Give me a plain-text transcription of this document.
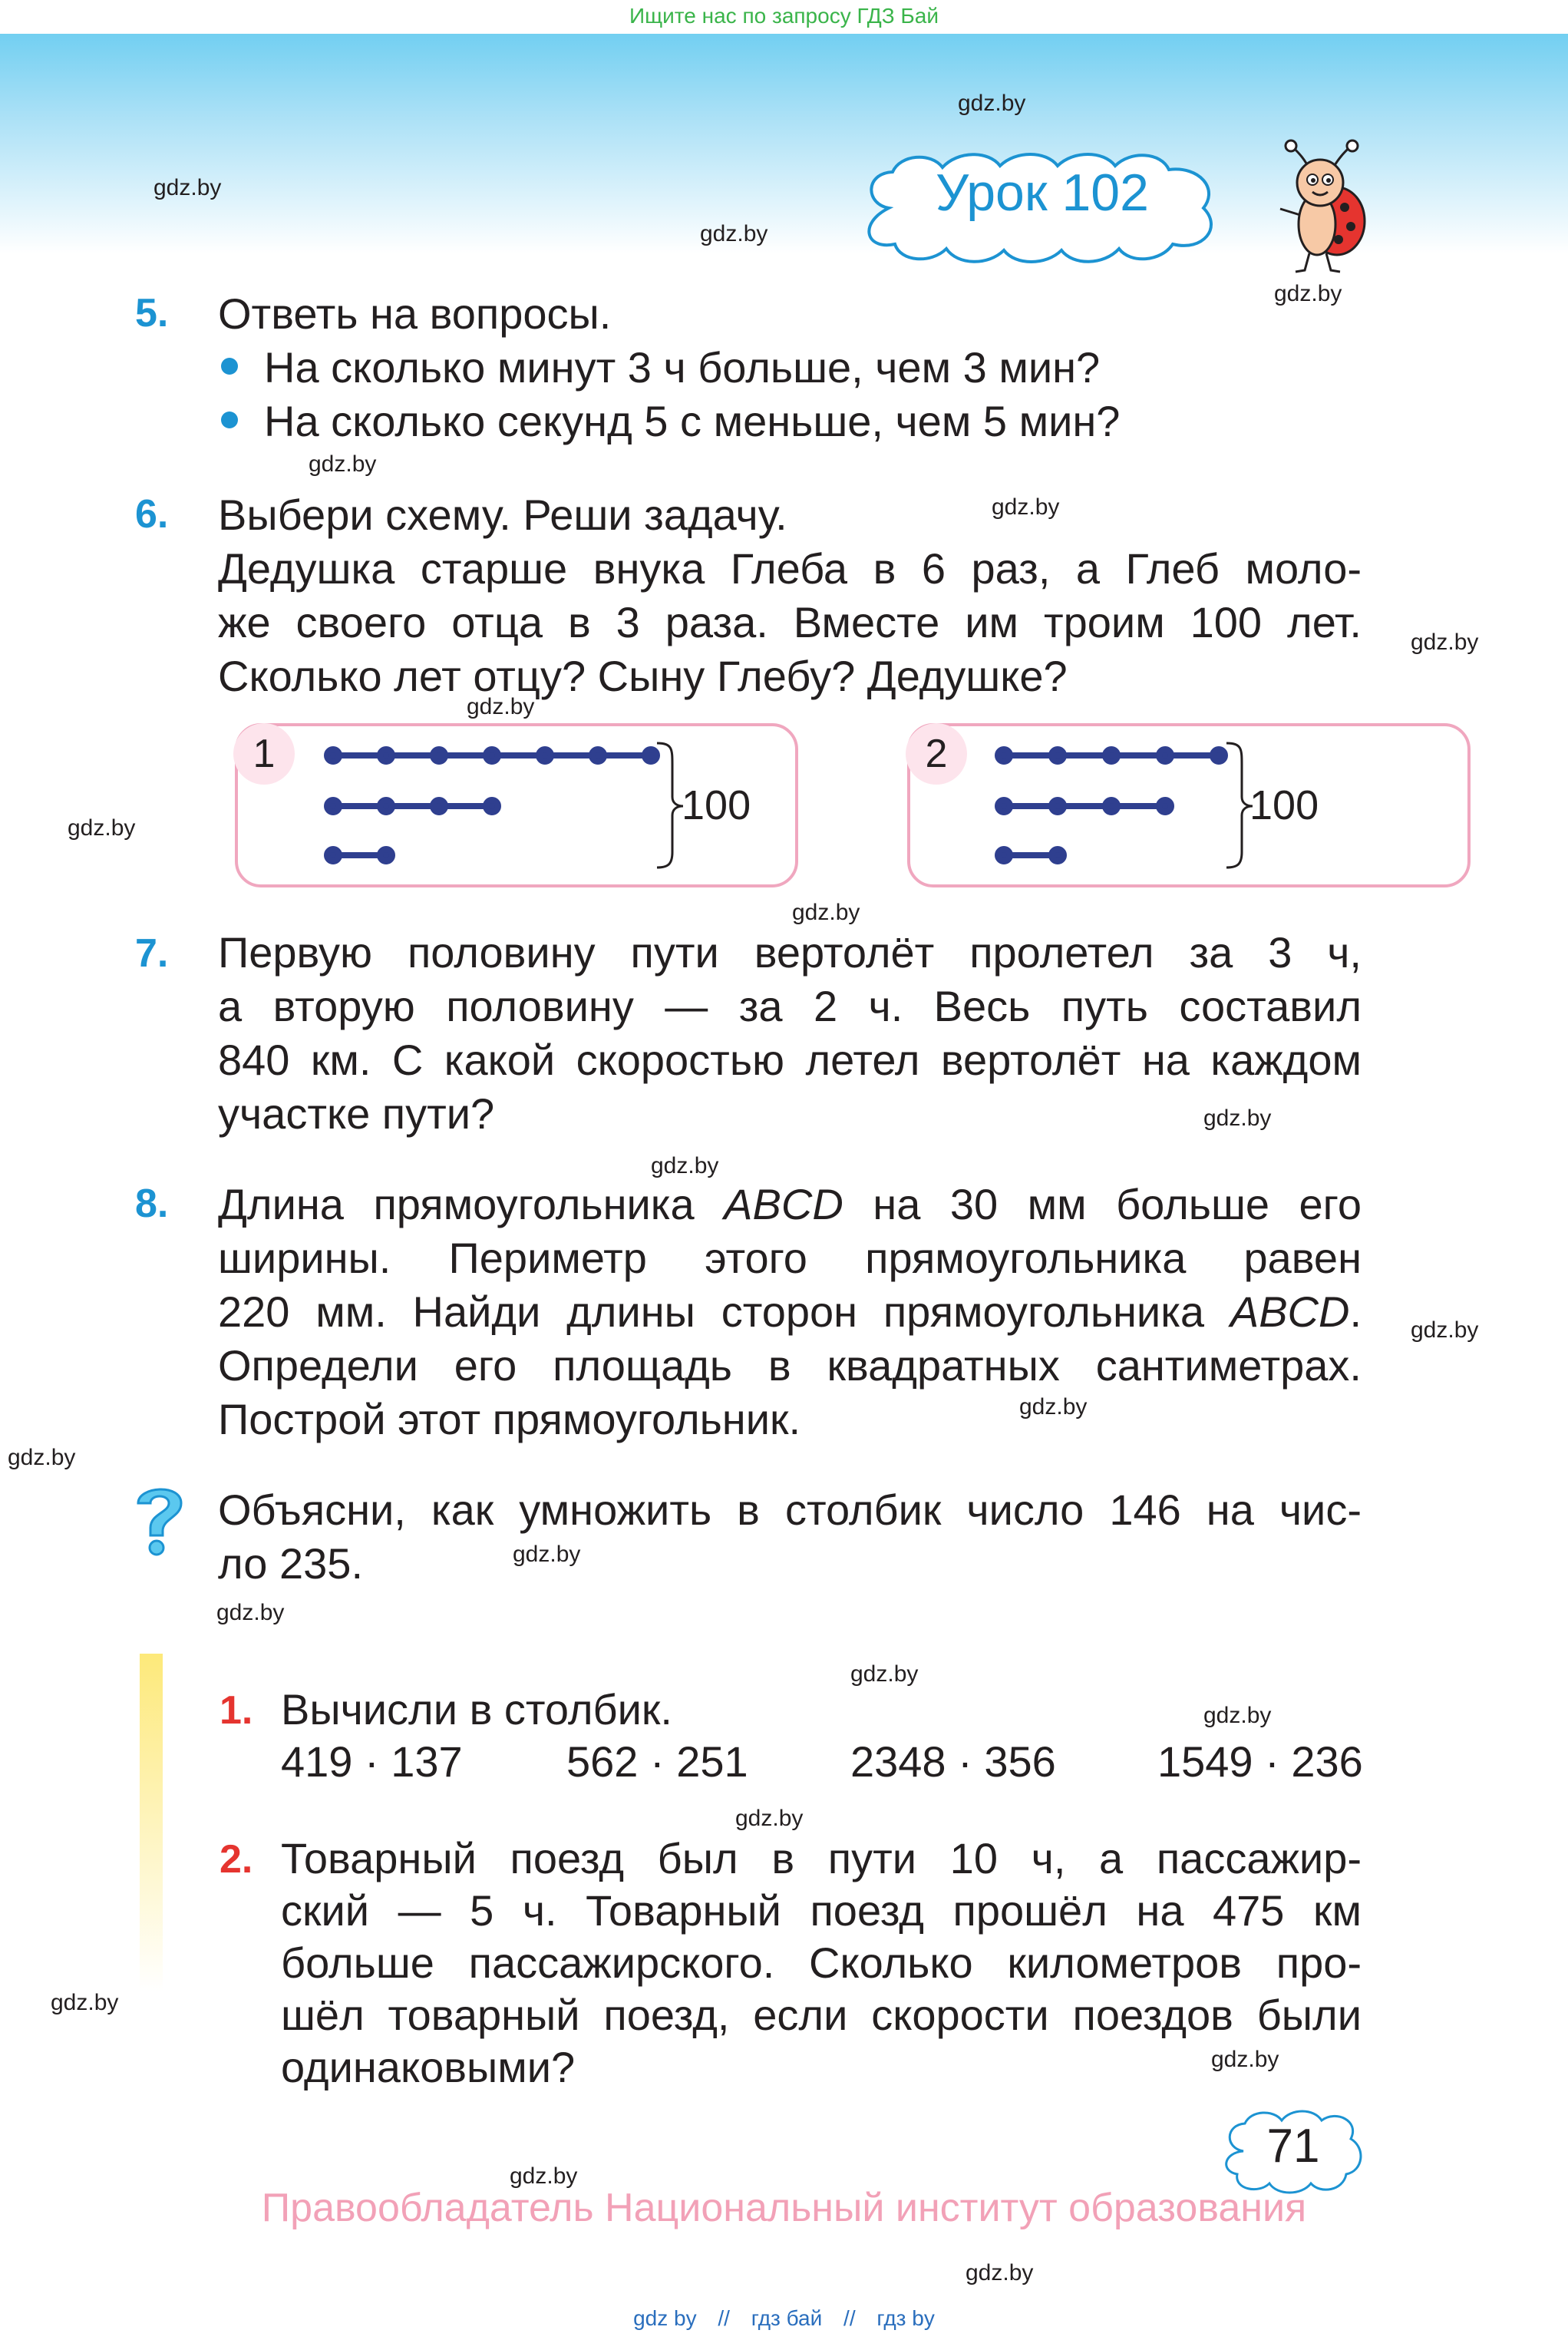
Ищите нас по запросу ГДЗ Бай
gdz.by
gdz.by
gdz.by
gdz.by
gdz.by
gdz.by
gdz.by
gdz.by
gdz.by
gdz.by
gdz.by
gdz.by
gdz.by
gdz.by
gdz.by
gdz.by
gdz.by
gdz.by
gdz.by
gdz.by
gdz.by
gdz.by
gdz.by
gdz.by
Урок 102
5. Ответь на вопросы.
На сколько минут 3 ч больше, чем 3 мин?
На сколько секунд 5 с меньше, чем 5 мин?
6. Выбери схему. Реши задачу.
Дедушка старше внука Глеба в 6 раз, а Глеб моло-
же своего отца в 3 раза. Вместе им троим 100 лет.
Сколько лет отцу? Сыну Глебу? Дедушке?
1
100
2
100
7. Первую половину пути вертолёт пролетел за 3 ч,
а вторую половину — за 2 ч. Весь путь составил
840 км. С какой скоростью летел вертолёт на каждом
участке пути?
8. Длина прямоугольника ABCD на 30 мм больше его
ширины. Периметр этого прямоугольника равен
220 мм. Найди длины сторон прямоугольника ABCD.
Определи его площадь в квадратных сантиметрах.
Построй этот прямоугольник.
Объясни, как умножить в столбик число 146 на чис-
ло 235.
1. Вычисли в столбик.
419 · 137 562 · 251 2348 · 356 1549 · 236
2. Товарный поезд был в пути 10 ч, а пассажир-
ский — 5 ч. Товарный поезд прошёл на 475 км
больше пассажирского. Сколько километров про-
шёл товарный поезд, если скорости поездов были
одинаковыми?
71
Правообладатель Национальный институт образования
gdz by // гдз бай // гдз by
